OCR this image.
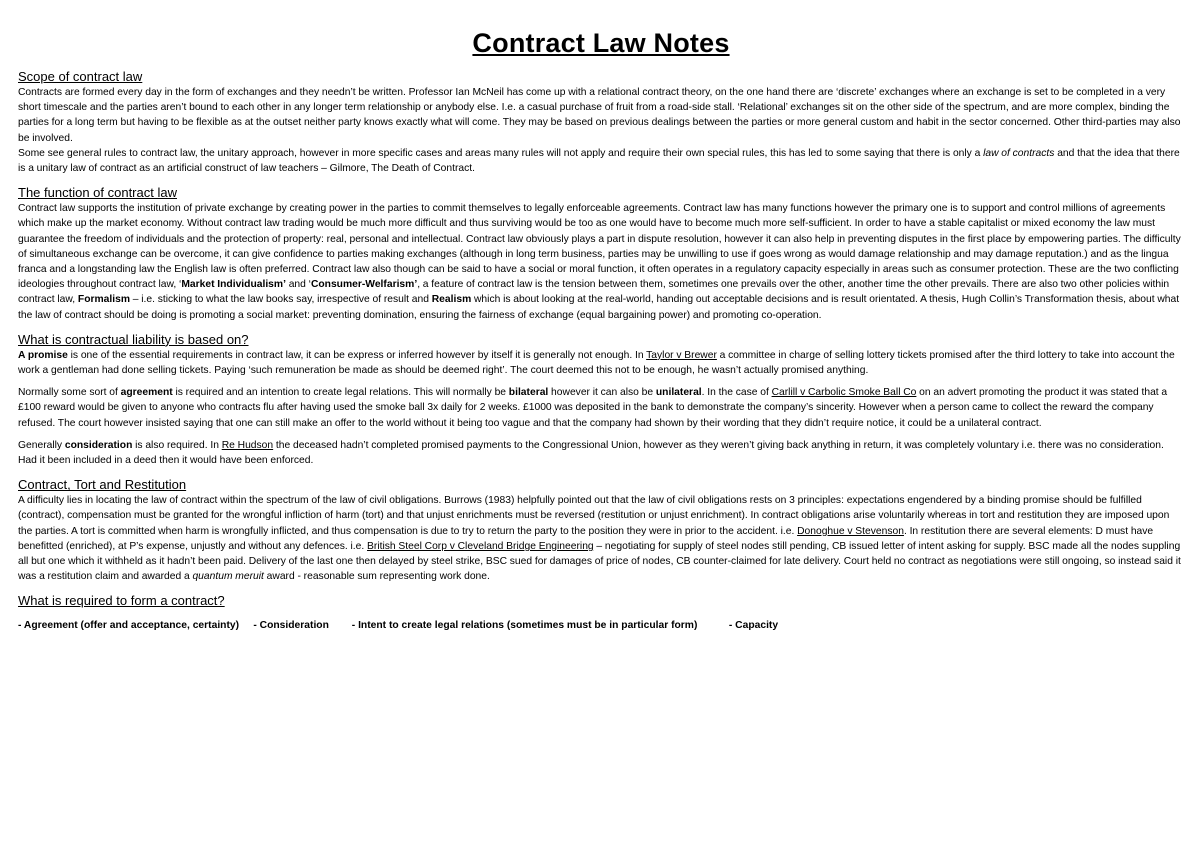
Contract Law Notes
Scope of contract law

Contracts are formed every day in the form of exchanges and they needn’t be written. Professor Ian McNeil has come up with a relational contract theory, on the one hand there are ‘discrete’ exchanges where an exchange is set to be completed in a very short timescale and the parties aren’t bound to each other in any longer term relationship or anybody else. I.e. a casual purchase of fruit from a road-side stall. ‘Relational’ exchanges sit on the other side of the spectrum, and are more complex, binding the parties for a long term but having to be flexible as at the outset neither party knows exactly what will come. They may be based on previous dealings between the parties or more general custom and habit in the sector concerned. Other third-parties may also be involved.

Some see general rules to contract law, the unitary approach, however in more specific cases and areas many rules will not apply and require their own special rules, this has led to some saying that there is only a law of contracts and that the idea that there is a unitary law of contract as an artificial construct of law teachers – Gilmore, The Death of Contract.

The function of contract law

Contract law supports the institution of private exchange by creating power in the parties to commit themselves to legally enforceable agreements. Contract law has many functions however the primary one is to support and control millions of agreements which make up the market economy. Without contract law trading would be much more difficult and thus surviving would be too as one would have to become much more self-sufficient. In order to have a stable capitalist or mixed economy the law must guarantee the freedom of individuals and the protection of property: real, personal and intellectual. Contract law obviously plays a part in dispute resolution, however it can also help in preventing disputes in the first place by empowering parties. The difficulty of simultaneous exchange can be overcome, it can give confidence to parties making exchanges (although in long term business, parties may be unwilling to use if goes wrong as would damage relationship and may damage reputation.) and as the lingua franca and a longstanding law the English law is often preferred. Contract law also though can be said to have a social or moral function, it often operates in a regulatory capacity especially in areas such as consumer protection. These are the two conflicting ideologies throughout contract law, ‘Market Individualism’ and ‘Consumer-Welfarism’, a feature of contract law is the tension between them, sometimes one prevails over the other, another time the other prevails. There are also two other policies within contract law, Formalism – i.e. sticking to what the law books say, irrespective of result and Realism which is about looking at the real-world, handing out acceptable decisions and is result orientated. A thesis, Hugh Collin’s Transformation thesis, about what the law of contract should be doing is promoting a social market: preventing domination, ensuring the fairness of exchange (equal bargaining power) and promoting co-operation.

What is contractual liability is based on?

A promise is one of the essential requirements in contract law, it can be express or inferred however by itself it is generally not enough. In Taylor v Brewer a committee in charge of selling lottery tickets promised after the third lottery to take into account the work a gentleman had done selling tickets. Paying ‘such remuneration be made as should be deemed right’. The court deemed this not to be enough, he wasn’t actually promised anything.

Normally some sort of agreement is required and an intention to create legal relations. This will normally be bilateral however it can also be unilateral. In the case of Carlill v Carbolic Smoke Ball Co on an advert promoting the product it was stated that a £100 reward would be given to anyone who contracts flu after having used the smoke ball 3x daily for 2 weeks. £1000 was deposited in the bank to demonstrate the company’s sincerity. However when a person came to collect the reward the company refused. The court however insisted saying that one can still make an offer to the world without it being too vague and that the company had shown by their wording that they didn’t require notice, it could be a unilateral contract.

Generally consideration is also required. In Re Hudson the deceased hadn’t completed promised payments to the Congressional Union, however as they weren’t giving back anything in return, it was completely voluntary i.e. there was no consideration. Had it been included in a deed then it would have been enforced.

Contract, Tort and Restitution

A difficulty lies in locating the law of contract within the spectrum of the law of civil obligations. Burrows (1983) helpfully pointed out that the law of civil obligations rests on 3 principles: expectations engendered by a binding promise should be fulfilled (contract), compensation must be granted for the wrongful infliction of harm (tort) and that unjust enrichments must be reversed (restitution or unjust enrichment). In contract obligations arise voluntarily whereas in tort and restitution they are imposed upon the parties. A tort is committed when harm is wrongfully inflicted, and thus compensation is due to try to return the party to the position they were in prior to the accident. i.e. Donoghue v Stevenson. In restitution there are several elements: D must have benefitted (enriched), at P’s expense, unjustly and without any defences. i.e. British Steel Corp v Cleveland Bridge Engineering – negotiating for supply of steel nodes still pending, CB issued letter of intent asking for supply. BSC made all the nodes suppling all but one which it withheld as it hadn’t been paid. Delivery of the last one then delayed by steel strike, BSC sued for damages of price of nodes, CB counter-claimed for late delivery. Court held no contract as negotiations were still ongoing, so instead said it was a restitution claim and awarded a quantum meruit award - reasonable sum representing work done.

What is required to form a contract?
- Agreement (offer and acceptance, certainty) - Consideration - Intent to create legal relations (sometimes must be in particular form)	- Capacity
